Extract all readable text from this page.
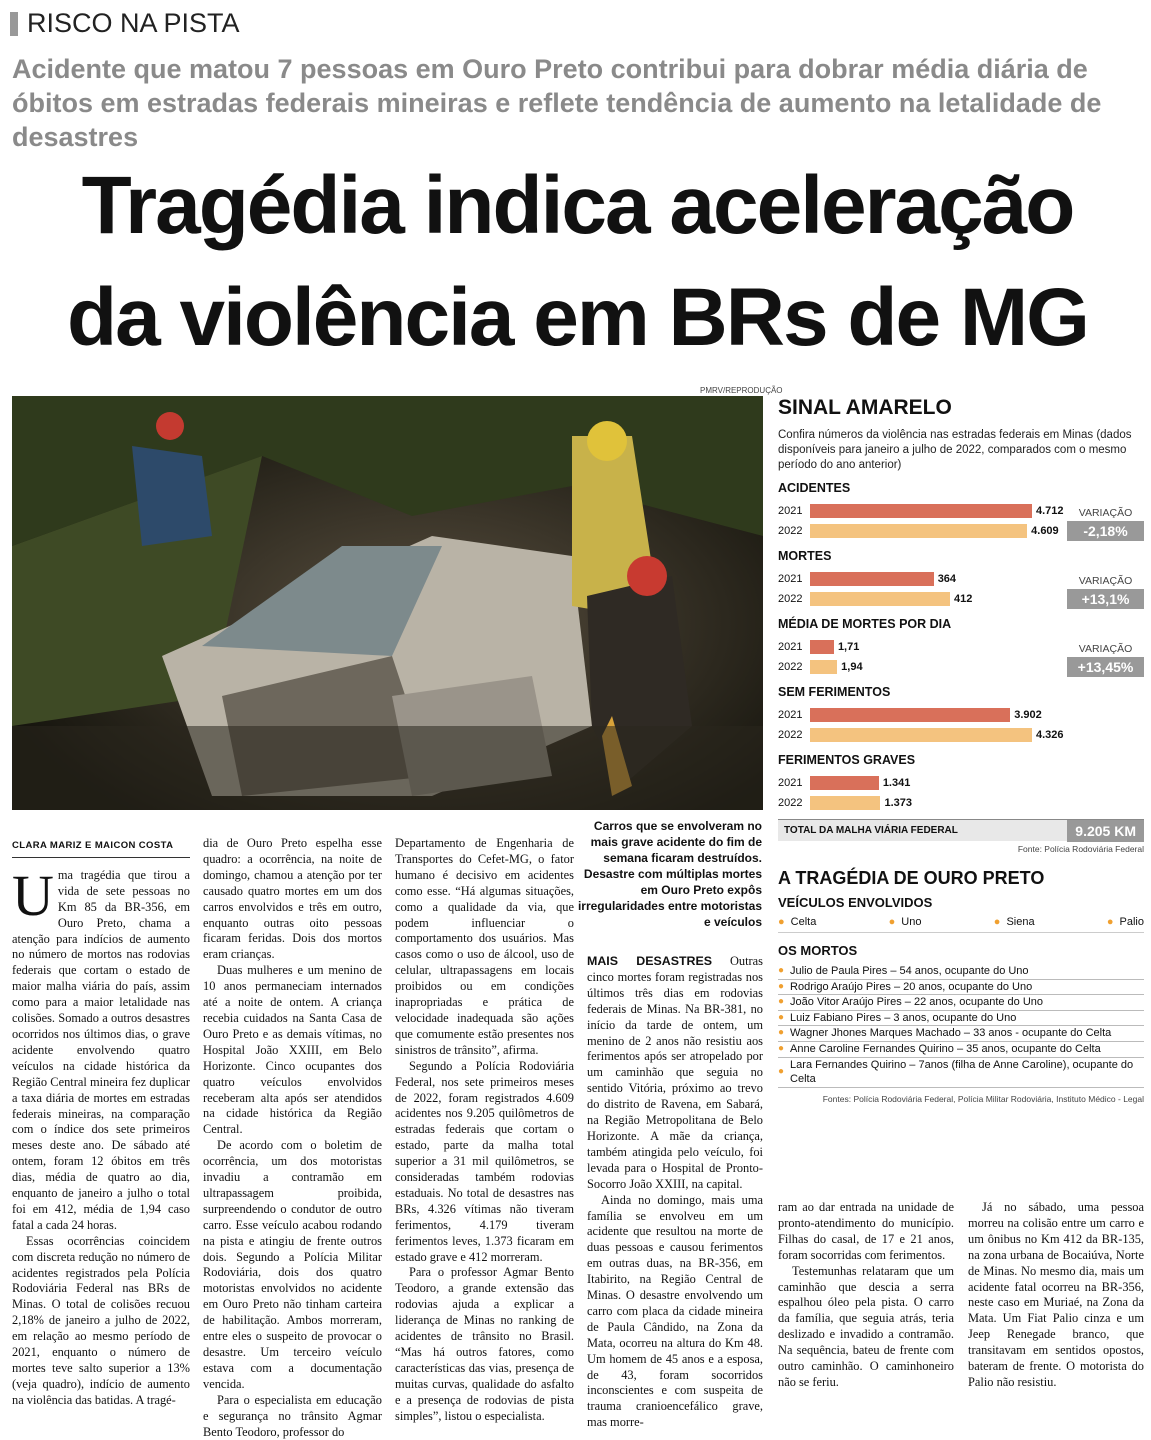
RISCO NA PISTA
Acidente que matou 7 pessoas em Ouro Preto contribui para dobrar média diária de óbitos em estradas federais mineiras e reflete tendência de aumento na letalidade de desastres
Tragédia indica aceleração
da violência em BRs de MG
PMRV/REPRODUÇÃO
Carros que se envolveram no mais grave acidente do fim de semana ficaram destruídos. Desastre com múltiplas mortes em Ouro Preto expôs irregularidades entre motoristas e veículos
CLARA MARIZ E MAICON COSTA
U ma tragédia que tirou a vida de sete pessoas no Km 85 da BR-356, em Ouro Preto, chama a atenção para indícios de aumento no número de mortos nas rodovias federais que cortam o estado de maior malha viária do país, assim como para a maior letalidade nas colisões. Somado a outros desastres ocorridos nos últimos dias, o grave acidente envolvendo quatro veículos na cidade histórica da Região Central mineira fez duplicar a taxa diária de mortes em estradas federais mineiras, na comparação com o índice dos sete primeiros meses deste ano. De sábado até ontem, foram 12 óbitos em três dias, média de quatro ao dia, enquanto de janeiro a julho o total foi em 412, média de 1,94 caso fatal a cada 24 horas.

Essas ocorrências coincidem com discreta redução no número de acidentes registrados pela Polícia Rodoviária Federal nas BRs de Minas. O total de colisões recuou 2,18% de janeiro a julho de 2022, em relação ao mesmo período de 2021, enquanto o número de mortes teve salto superior a 13% (veja quadro), indício de aumento na violência das batidas. A tragé-

dia de Ouro Preto espelha esse quadro: a ocorrência, na noite de domingo, chamou a atenção por ter causado quatro mortes em um dos carros envolvidos e três em outro, enquanto outras oito pessoas ficaram feridas. Dois dos mortos eram crianças.

Duas mulheres e um menino de 10 anos permaneciam internados até a noite de ontem. A criança recebia cuidados na Santa Casa de Ouro Preto e as demais vítimas, no Hospital João XXIII, em Belo Horizonte. Cinco ocupantes dos quatro veículos envolvidos receberam alta após ser atendidos na cidade histórica da Região Central.

De acordo com o boletim de ocorrência, um dos motoristas invadiu a contramão em ultrapassagem proibida, surpreendendo o condutor de outro carro. Esse veículo acabou rodando na pista e atingiu de frente outros dois. Segundo a Polícia Militar Rodoviária, dois dos quatro motoristas envolvidos no acidente em Ouro Preto não tinham carteira de habilitação. Ambos morreram, entre eles o suspeito de provocar o desastre. Um terceiro veículo estava com a documentação vencida.

Para o especialista em educação e segurança no trânsito Agmar Bento Teodoro, professor do

Departamento de Engenharia de Transportes do Cefet-MG, o fator humano é decisivo em acidentes como esse. “Há algumas situações, como a qualidade da via, que podem influenciar o comportamento dos usuários. Mas casos como o uso de álcool, uso de celular, ultrapassagens em locais proibidos ou em condições inapropriadas e prática de velocidade inadequada são ações que comumente estão presentes nos sinistros de trânsito”, afirma.

Segundo a Polícia Rodoviária Federal, nos sete primeiros meses de 2022, foram registrados 4.609 acidentes nos 9.205 quilômetros de estradas federais que cortam o estado, parte da malha total superior a 31 mil quilômetros, se consideradas também rodovias estaduais. No total de desastres nas BRs, 4.326 vítimas não tiveram ferimentos, 4.179 tiveram ferimentos leves, 1.373 ficaram em estado grave e 412 morreram.

Para o professor Agmar Bento Teodoro, a grande extensão das rodovias ajuda a explicar a liderança de Minas no ranking de acidentes de trânsito no Brasil. “Mas há outros fatores, como características das vias, presença de muitas curvas, qualidade do asfalto e a presença de rodovias de pista simples”, listou o especialista.

MAIS DESASTRES Outras cinco mortes foram registradas nos últimos três dias em rodovias federais de Minas. Na BR-381, no início da tarde de ontem, um menino de 2 anos não resistiu aos ferimentos após ser atropelado por um caminhão que seguia no sentido Vitória, próximo ao trevo do distrito de Ravena, em Sabará, na Região Metropolitana de Belo Horizonte. A mãe da criança, também atingida pelo veículo, foi levada para o Hospital de Pronto-Socorro João XXIII, na capital.

Ainda no domingo, mais uma família se envolveu em um acidente que resultou na morte de duas pessoas e causou ferimentos em outras duas, na BR-356, em Itabirito, na Região Central de Minas. O desastre envolvendo um carro com placa da cidade mineira de Paula Cândido, na Zona da Mata, ocorreu na altura do Km 48. Um homem de 45 anos e a esposa, de 43, foram socorridos inconscientes e com suspeita de trauma cranioencefálico grave, mas morre-

ram ao dar entrada na unidade de pronto-atendimento do município. Filhas do casal, de 17 e 21 anos, foram socorridas com ferimentos.

Testemunhas relataram que um caminhão que descia a serra espalhou óleo pela pista. O carro da família, que seguia atrás, teria deslizado e invadido a contramão. Na sequência, bateu de frente com outro caminhão. O caminhoneiro não se feriu.

Já no sábado, uma pessoa morreu na colisão entre um carro e um ônibus no Km 412 da BR-135, na zona urbana de Bocaiúva, Norte de Minas. No mesmo dia, mais um acidente fatal ocorreu na BR-356, neste caso em Muriaé, na Zona da Mata. Um Fiat Palio cinza e um Jeep Renegade branco, que transitavam em sentidos opostos, bateram de frente. O motorista do Palio não resistiu.

SINAL AMARELO
Confira números da violência nas estradas federais em Minas (dados disponíveis para janeiro a julho de 2022, comparados com o mesmo período do ano anterior)
ACIDENTES
2021	4.712
2022	4.609
VARIAÇÃO
-2,18%
MORTES
2021	364
2022	412
VARIAÇÃO
+13,1%
MÉDIA DE MORTES POR DIA
2021	1,71
2022	1,94
VARIAÇÃO
+13,45%
SEM FERIMENTOS
2021	3.902
2022	4.326
FERIMENTOS GRAVES
2021	1.341
2022	1.373
TOTAL DA MALHA VIÁRIA FEDERAL	9.205 KM
Fonte: Polícia Rodoviária Federal
A TRAGÉDIA DE OURO PRETO
VEÍCULOS ENVOLVIDOS
● Celta	● Uno	● Siena	● Palio
OS MORTOS
● Julio de Paula Pires – 54 anos, ocupante do Uno
● Rodrigo Araújo Pires – 20 anos, ocupante do Uno
● João Vitor Araújo Pires – 22 anos, ocupante do Uno
● Luiz Fabiano Pires – 3 anos, ocupante do Uno
● Wagner Jhones Marques Machado – 33 anos - ocupante do Celta
● Anne Caroline Fernandes Quirino – 35 anos, ocupante do Celta
● Lara Fernandes Quirino – 7anos (filha de Anne Caroline), ocupante do Celta
Fontes: Polícia Rodoviária Federal, Polícia Militar Rodoviária, Instituto Médico - Legal
